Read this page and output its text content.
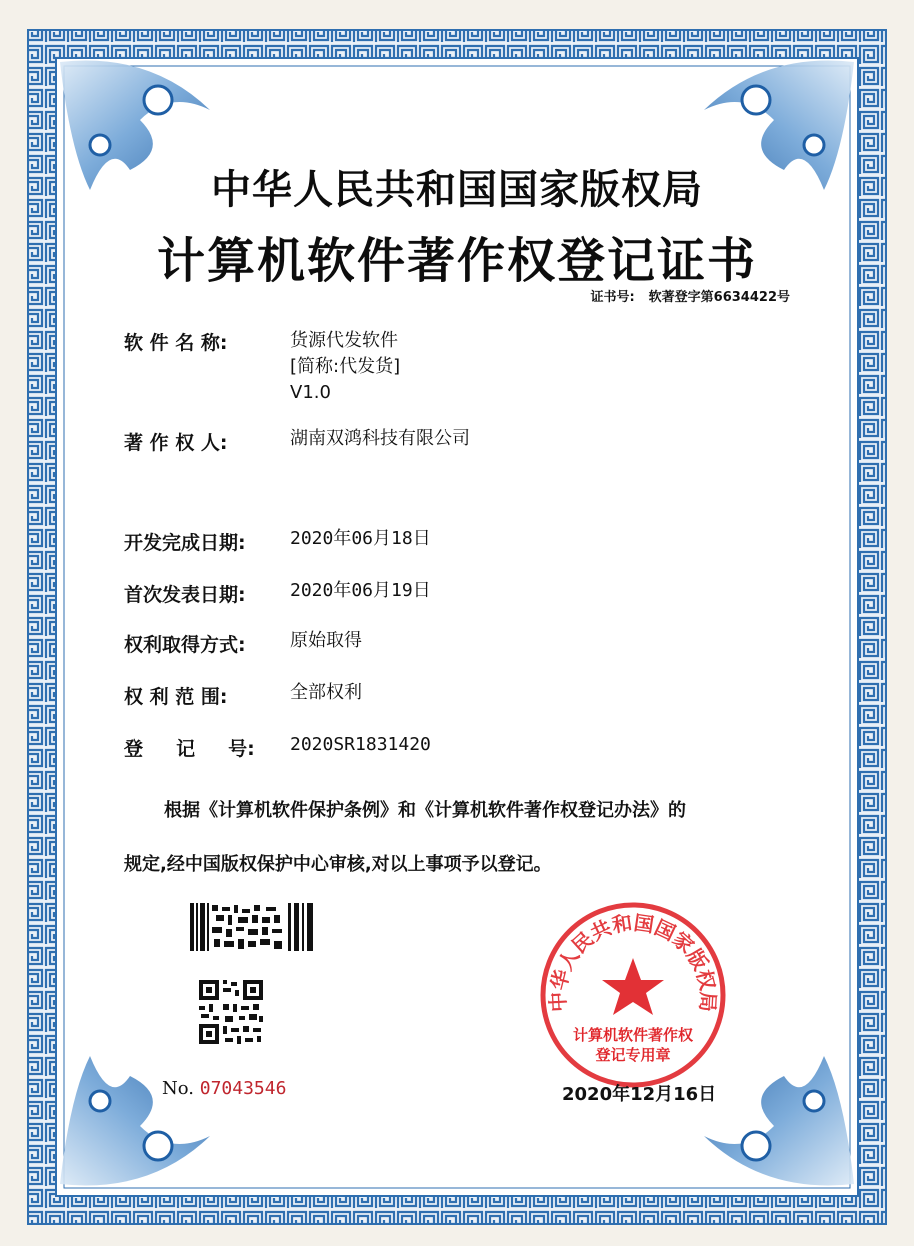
中华人民共和国国家版权局
计算机软件著作权登记证书
证书号: 软著登字第6634422号
软 件 名 称:	货源代发软件
[简称:代发货]
V1.0
著 作 权 人:	湖南双鸿科技有限公司
开发完成日期: 2020年06月18日
首次发表日期: 2020年06月19日
权利取得方式: 原始取得
权 利 范 围:	全部权利
登     记     号: 2020SR1831420
根据《计算机软件保护条例》和《计算机软件著作权登记办法》的
规定,经中国版权保护中心审核,对以上事项予以登记。
No. 07043546
中华人民共和国国家版权局
计算机软件著作权
登记专用章
2020年12月16日
